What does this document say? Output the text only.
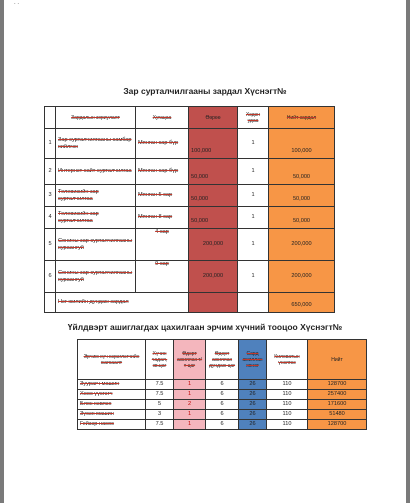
. .
Зар сурталчилгааны зардал Хүснэгт№
	Зардалын зориулалт	Хугацаа	Өөрөө	Хэдэн удаа	Нийт зардал
1	Зар сурталчилгааны самбар хийлгэх	Мянган сар бүр	100,000	1	100,000
2	Интернэт сайт сурталчилгаа	Мянган сар бүр	50,000	1	50,000
3	Телевизийн зар сурталчилгаа	Мянган 5 сар	50,000	1	50,000
4	Телевизийн зар сурталчилгаа	Мянган 8 сар	50,000	1	50,000
5	Сонины зар сурталчилгааны хураангуй	4 сар	200,000	1	200,000
6	Сонины зар сурталчилгааны хураангуй	9 сар	200,000	1	200,000
	Нэг жилийн дундаж зардал				650,000
Үйлдвэрт ашиглагдах цахилгаан эрчим хүчний тооцоо Хүснэгт№
Эрчим хүч хэрэглэгчийн жагсаалт	Хүчин чадал, кв.цаг	Өдөрт ажиллах т/т цаг	Өдөрт ажиллах дундаж цаг	Сард ажиллах хоног	Киловатын үнэлгээ	Нийт
Зуурагч машин	7.5	1	6	26	110	128700
Хөөс үүсгэгч	7.5	1	6	26	110	257400
Блок хэвлэх	5	2	6	26	110	171600
Зүсэх машин	3	1	6	26	110	51480
Гейзэр насос	7.5	1	6	26	110	128700
